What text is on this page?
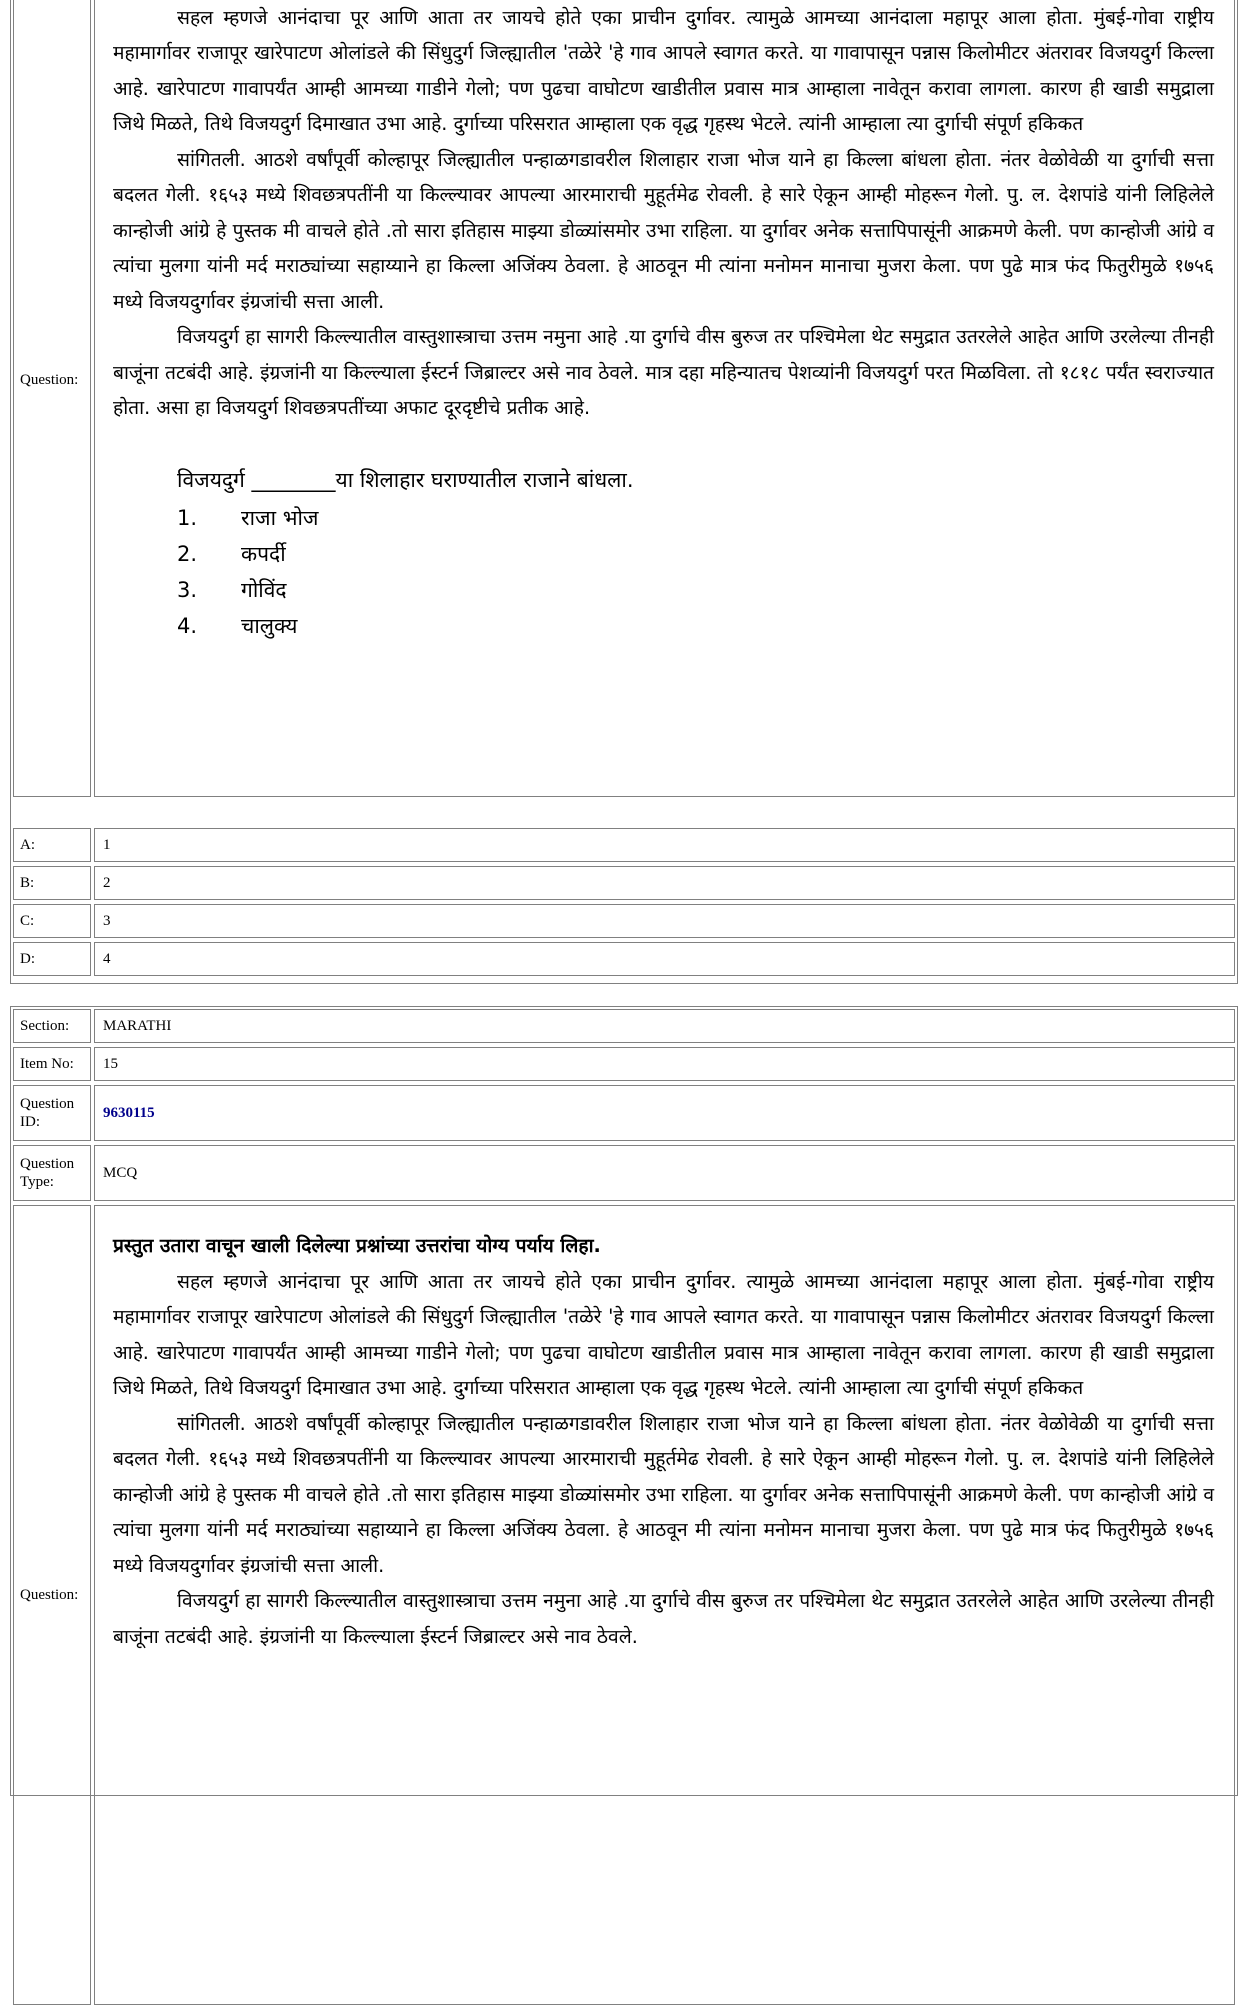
Question:

सहल म्हणजे आनंदाचा पूर आणि आता तर जायचे होते एका प्राचीन दुर्गावर. त्यामुळे आमच्या आनंदाला महापूर आला होता. मुंबई-गोवा राष्ट्रीय महामार्गावर राजापूर खारेपाटण ओलांडले की सिंधुदुर्ग जिल्ह्यातील 'तळेरे 'हे गाव आपले स्वागत करते. या गावापासून पन्नास किलोमीटर अंतरावर विजयदुर्ग किल्ला आहे. खारेपाटण गावापर्यंत आम्ही आमच्या गाडीने गेलो; पण पुढचा वाघोटण खाडीतील प्रवास मात्र आम्हाला नावेतून करावा लागला. कारण ही खाडी समुद्राला जिथे मिळते, तिथे विजयदुर्ग दिमाखात उभा आहे. दुर्गाच्या परिसरात आम्हाला एक वृद्ध गृहस्थ भेटले. त्यांनी आम्हाला त्या दुर्गाची संपूर्ण हकिकत

सांगितली. आठशे वर्षांपूर्वी कोल्हापूर जिल्ह्यातील पन्हाळगडावरील शिलाहार राजा भोज याने हा किल्ला बांधला होता. नंतर वेळोवेळी या दुर्गाची सत्ता बदलत गेली. १६५३ मध्ये शिवछत्रपतींनी या किल्ल्यावर आपल्या आरमाराची मुहूर्तमेढ रोवली. हे सारे ऐकून आम्ही मोहरून गेलो. पु. ल. देशपांडे यांनी लिहिलेले कान्होजी आंग्रे हे पुस्तक मी वाचले होते .तो सारा इतिहास माझ्या डोळ्यांसमोर उभा राहिला. या दुर्गावर अनेक सत्तापिपासूंनी आक्रमणे केली. पण कान्होजी आंग्रे व त्यांचा मुलगा यांनी मर्द मराठ्यांच्या सहाय्याने हा किल्ला अजिंक्य ठेवला. हे आठवून मी त्यांना मनोमन मानाचा मुजरा केला. पण पुढे मात्र फंद फितुरीमुळे १७५६ मध्ये विजयदुर्गावर इंग्रजांची सत्ता आली.

विजयदुर्ग हा सागरी किल्ल्यातील वास्तुशास्त्राचा उत्तम नमुना आहे .या दुर्गाचे वीस बुरुज तर पश्चिमेला थेट समुद्रात उतरलेले आहेत आणि उरलेल्या तीनही बाजूंना तटबंदी आहे. इंग्रजांनी या किल्ल्याला ईस्टर्न जिब्राल्टर असे नाव ठेवले. मात्र दहा महिन्यातच पेशव्यांनी विजयदुर्ग परत मिळविला. तो १८१८ पर्यंत स्वराज्यात होता. असा हा विजयदुर्ग शिवछत्रपतींच्या अफाट दूरदृष्टीचे प्रतीक आहे.

विजयदुर्ग ________या शिलाहार घराण्यातील राजाने बांधला.
1.	राजा भोज
2.	कपर्दी
3.	गोविंद
4.	चालुक्य
A:	1
B:	2
C:	3
D:	4
Section:	MARATHI
Item No:	15
Question ID:
9630115
Question Type:
MCQ
Question:

प्रस्तुत उतारा वाचून खाली दिलेल्या प्रश्नांच्या उत्तरांचा योग्य पर्याय लिहा.

सहल म्हणजे आनंदाचा पूर आणि आता तर जायचे होते एका प्राचीन दुर्गावर. त्यामुळे आमच्या आनंदाला महापूर आला होता. मुंबई-गोवा राष्ट्रीय महामार्गावर राजापूर खारेपाटण ओलांडले की सिंधुदुर्ग जिल्ह्यातील 'तळेरे 'हे गाव आपले स्वागत करते. या गावापासून पन्नास किलोमीटर अंतरावर विजयदुर्ग किल्ला आहे. खारेपाटण गावापर्यंत आम्ही आमच्या गाडीने गेलो; पण पुढचा वाघोटण खाडीतील प्रवास मात्र आम्हाला नावेतून करावा लागला. कारण ही खाडी समुद्राला जिथे मिळते, तिथे विजयदुर्ग दिमाखात उभा आहे. दुर्गाच्या परिसरात आम्हाला एक वृद्ध गृहस्थ भेटले. त्यांनी आम्हाला त्या दुर्गाची संपूर्ण हकिकत

सांगितली. आठशे वर्षांपूर्वी कोल्हापूर जिल्ह्यातील पन्हाळगडावरील शिलाहार राजा भोज याने हा किल्ला बांधला होता. नंतर वेळोवेळी या दुर्गाची सत्ता बदलत गेली. १६५३ मध्ये शिवछत्रपतींनी या किल्ल्यावर आपल्या आरमाराची मुहूर्तमेढ रोवली. हे सारे ऐकून आम्ही मोहरून गेलो. पु. ल. देशपांडे यांनी लिहिलेले कान्होजी आंग्रे हे पुस्तक मी वाचले होते .तो सारा इतिहास माझ्या डोळ्यांसमोर उभा राहिला. या दुर्गावर अनेक सत्तापिपासूंनी आक्रमणे केली. पण कान्होजी आंग्रे व त्यांचा मुलगा यांनी मर्द मराठ्यांच्या सहाय्याने हा किल्ला अजिंक्य ठेवला. हे आठवून मी त्यांना मनोमन मानाचा मुजरा केला. पण पुढे मात्र फंद फितुरीमुळे १७५६ मध्ये विजयदुर्गावर इंग्रजांची सत्ता आली.

विजयदुर्ग हा सागरी किल्ल्यातील वास्तुशास्त्राचा उत्तम नमुना आहे .या दुर्गाचे वीस बुरुज तर पश्चिमेला थेट समुद्रात उतरलेले आहेत आणि उरलेल्या तीनही बाजूंना तटबंदी आहे. इंग्रजांनी या किल्ल्याला ईस्टर्न जिब्राल्टर असे नाव ठेवले.
